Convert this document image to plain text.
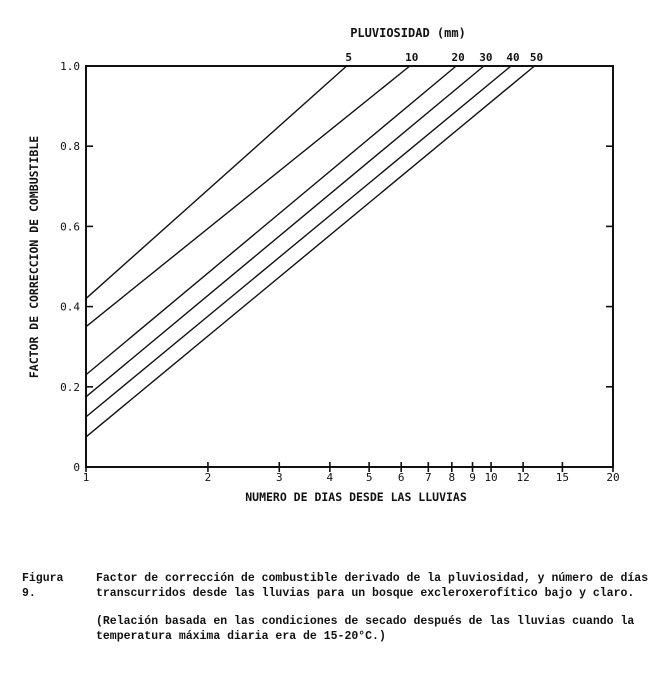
1	2	3	4	5 6 7 8 9 10 12 15	20
0
0.2
0.4
0.6
0.8
1.0
5	10	20 30 40 50
PLUVIOSIDAD (mm)
NUMERO DE DIAS DESDE LAS LLUVIAS
FACTOR DE CORRECCION DE COMBUSTIBLE
Figura 9.
Factor de corrección de combustible derivado de la pluviosidad, y número de días
transcurridos desde las lluvias para un bosque excleroxerofítico bajo y claro.
(Relación basada en las condiciones de secado después de las lluvias cuando la
temperatura máxima diaria era de 15-20°C.)
